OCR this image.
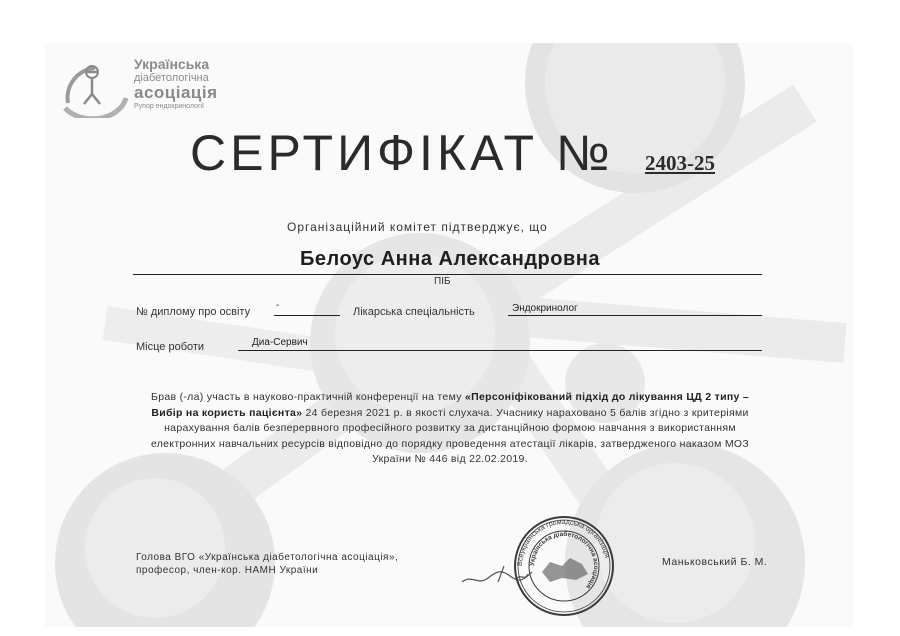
Українська
діабетологічна
асоціація
Рупор ендокринології
СЕРТИФІКАТ № 2403-25
Організаційний комітет підтверджує, що
Белоус Анна Александровна
ПІБ
№ диплому про освіту
-
Лікарська спеціальність	Эндокринолог
Місце роботи	Диа-Сервич
Брав (-ла) участь в науково-практичній конференції на тему «Персоніфікований підхід до лікування ЦД 2 типу – Вибір на користь пацієнта» 24 березня 2021 р. в якості слухача. Учаснику нараховано 5 балів згідно з критеріями нарахування балів безперервного професійного розвитку за дистанційною формою навчання з використанням електронних навчальних ресурсів відповідно до порядку проведення атестації лікарів, затвердженого наказом МОЗ України № 446 від 22.02.2019.
Голова ВГО «Українська діабетологічна асоціація»,
професор, член-кор. НАМН України
Всеукраїнська громадська організація
Українська діабетологічна асоціація
Маньковський Б. М.
